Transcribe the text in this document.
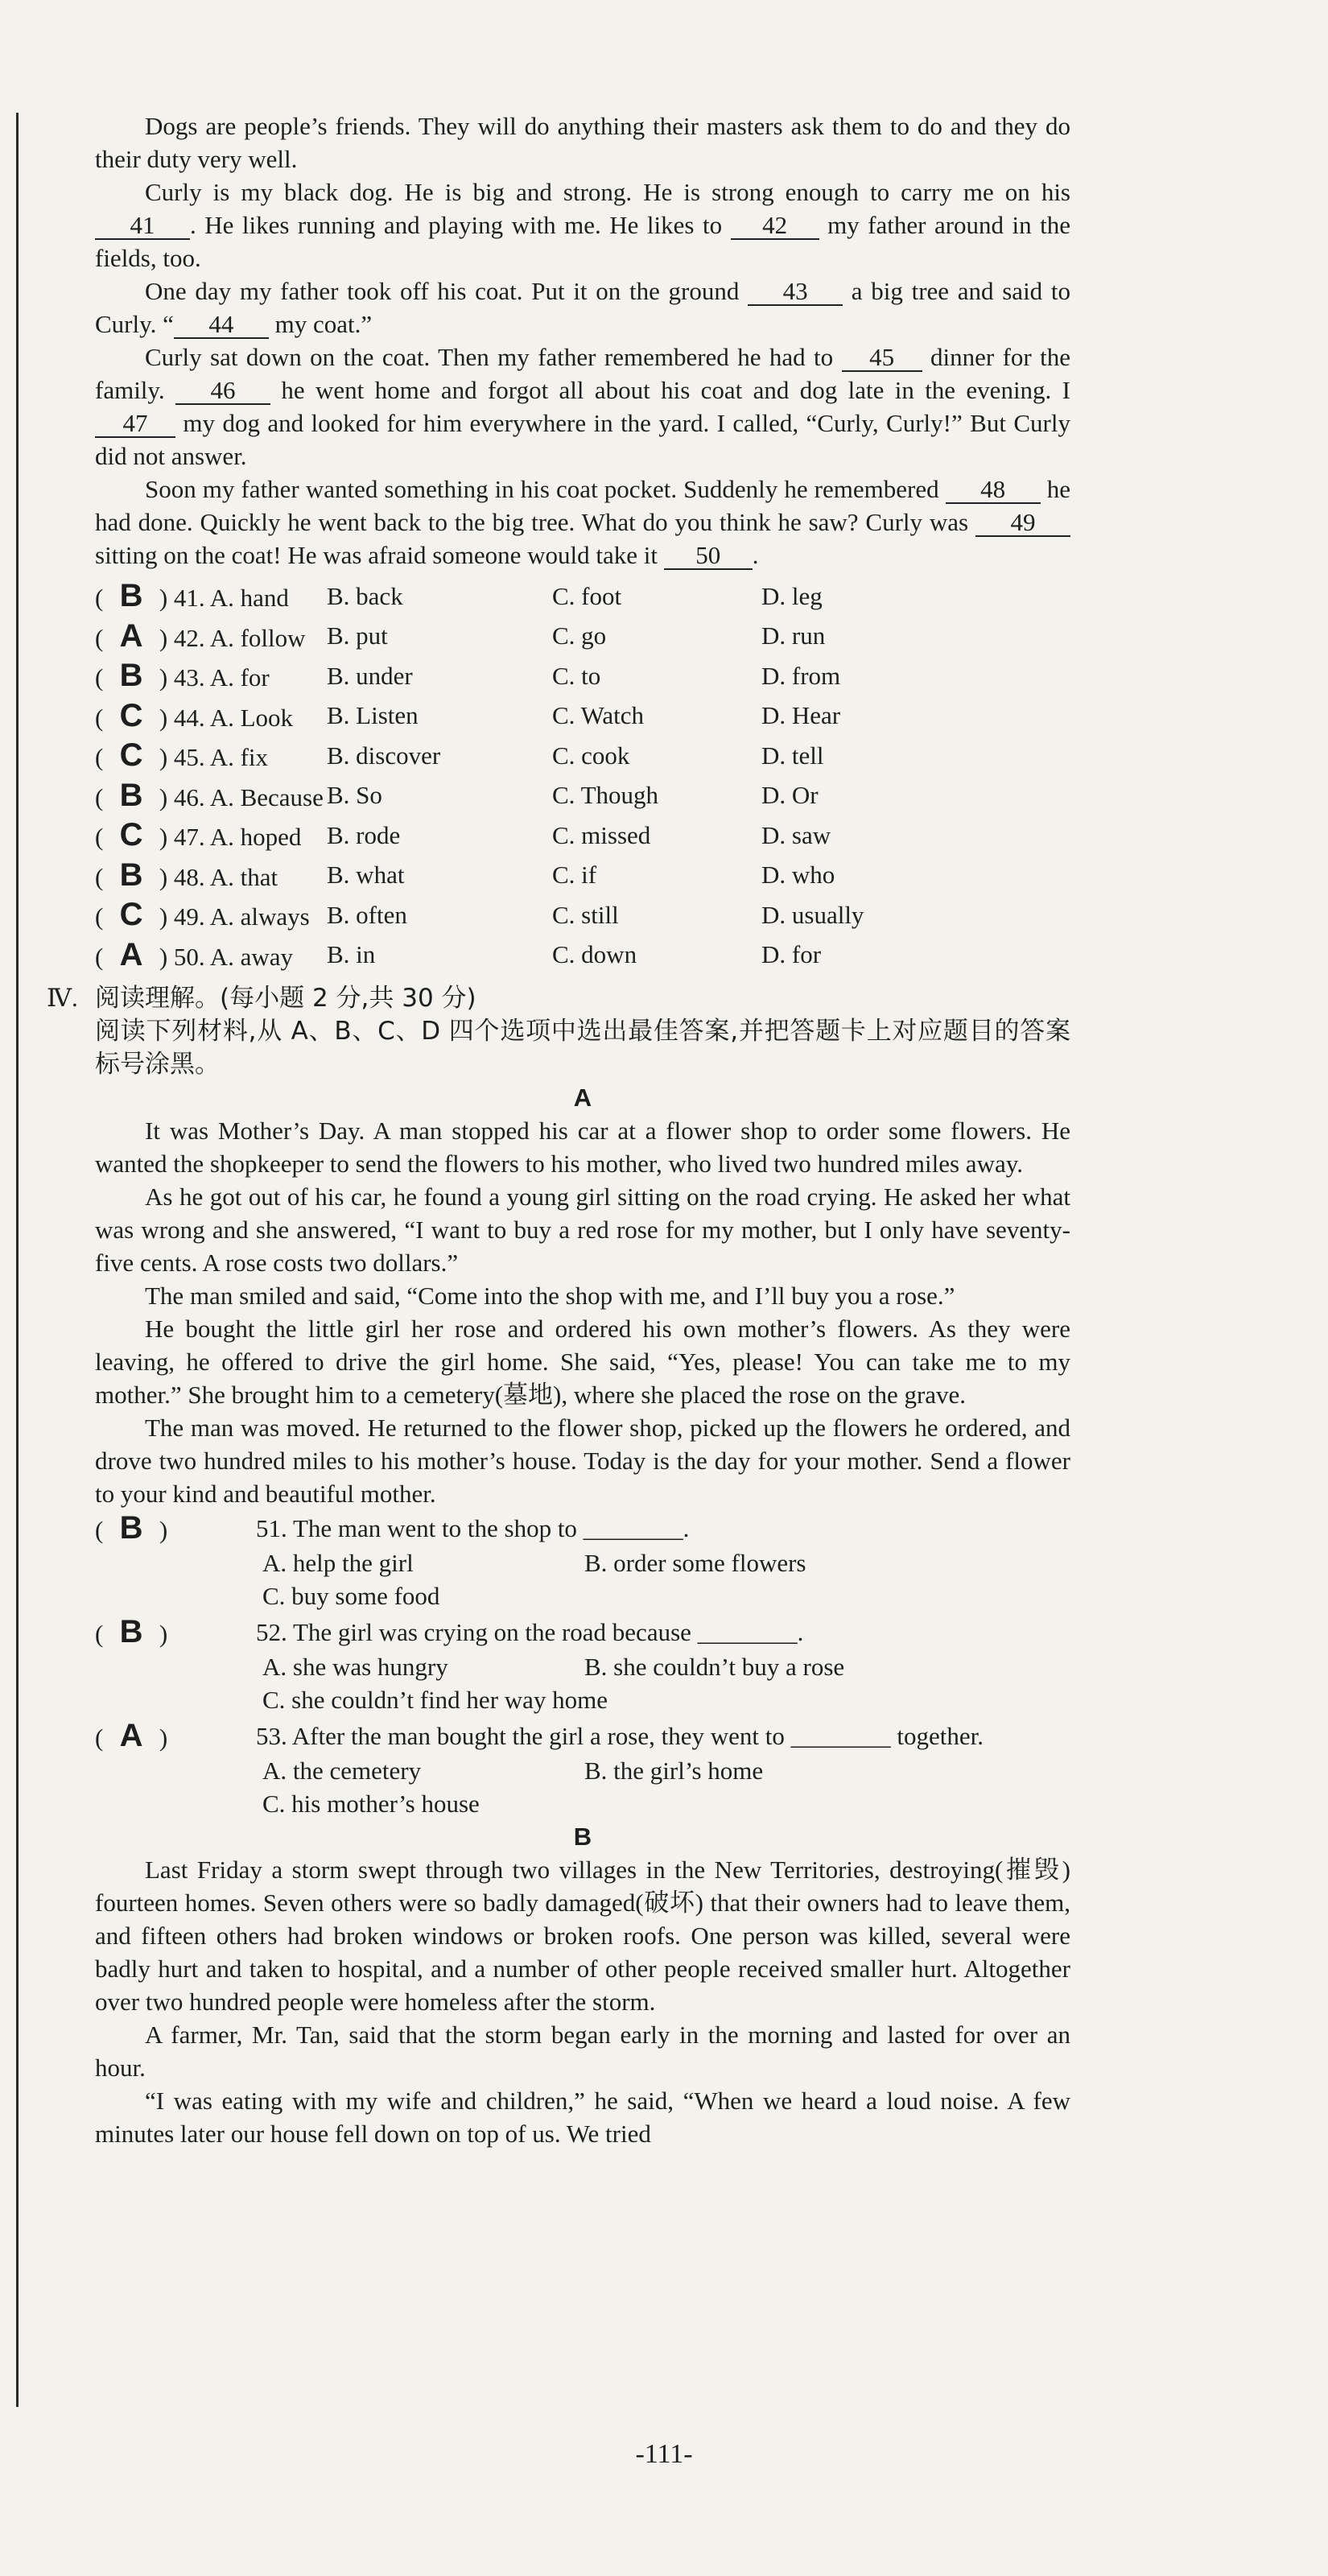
Dogs are people’s friends. They will do anything their masters ask them to do and they do their duty very well.

Curly is my black dog. He is big and strong. He is strong enough to carry me on his 41 . He likes running and playing with me. He likes to 42 my father around in the fields, too.

One day my father took off his coat. Put it on the ground 43 a big tree and said to Curly. “ 44 my coat.”

Curly sat down on the coat. Then my father remembered he had to 45 dinner for the family. 46 he went home and forgot all about his coat and dog late in the evening. I 47 my dog and looked for him everywhere in the yard. I called, “Curly, Curly!” But Curly did not answer.

Soon my father wanted something in his coat pocket. Suddenly he remembered 48 he had done. Quickly he went back to the big tree. What do you think he saw? Curly was 49 sitting on the coat! He was afraid someone would take it 50 .

( B ) 41. A. hand B. back	C. foot	D. leg
( A ) 42. A. follow B. put	C. go	D. run
( B ) 43. A. for B. under	C. to	D. from
( C ) 44. A. Look B. Listen	C. Watch	D. Hear
( C ) 45. A. fix B. discover	C. cook	D. tell
( B ) 46. A. Because B. So	C. Though	D. Or
( C ) 47. A. hoped B. rode	C. missed	D. saw
( B ) 48. A. that B. what	C. if	D. who
( C ) 49. A. always B. often	C. still	D. usually
( A ) 50. A. away B. in	C. down	D. for
Ⅳ. 阅读理解。(每小题 2 分,共 30 分)

阅读下列材料,从 A、B、C、D 四个选项中选出最佳答案,并把答题卡上对应题目的答案标号涂黑。

A

It was Mother’s Day. A man stopped his car at a flower shop to order some flowers. He wanted the shopkeeper to send the flowers to his mother, who lived two hundred miles away.

As he got out of his car, he found a young girl sitting on the road crying. He asked her what was wrong and she answered, “I want to buy a red rose for my mother, but I only have seventy-five cents. A rose costs two dollars.”

The man smiled and said, “Come into the shop with me, and I’ll buy you a rose.”

He bought the little girl her rose and ordered his own mother’s flowers. As they were leaving, he offered to drive the girl home. She said, “Yes, please! You can take me to my mother.” She brought him to a cemetery(墓地), where she placed the rose on the grave.

The man was moved. He returned to the flower shop, picked up the flowers he ordered, and drove two hundred miles to his mother’s house. Today is the day for your mother. Send a flower to your kind and beautiful mother.

( B )	51. The man went to the shop to ________.
A. help the girl	B. order some flowers
C. buy some food
( B )	52. The girl was crying on the road because ________.
A. she was hungry	B. she couldn’t buy a rose
C. she couldn’t find her way home
( A )	53. After the man bought the girl a rose, they went to ________ together.
A. the cemetery	B. the girl’s home
C. his mother’s house
B

Last Friday a storm swept through two villages in the New Territories, destroying(摧毁) fourteen homes. Seven others were so badly damaged(破坏) that their owners had to leave them, and fifteen others had broken windows or broken roofs. One person was killed, several were badly hurt and taken to hospital, and a number of other people received smaller hurt. Altogether over two hundred people were homeless after the storm.

A farmer, Mr. Tan, said that the storm began early in the morning and lasted for over an hour.

“I was eating with my wife and children,” he said, “When we heard a loud noise. A few minutes later our house fell down on top of us. We tried

-111-
